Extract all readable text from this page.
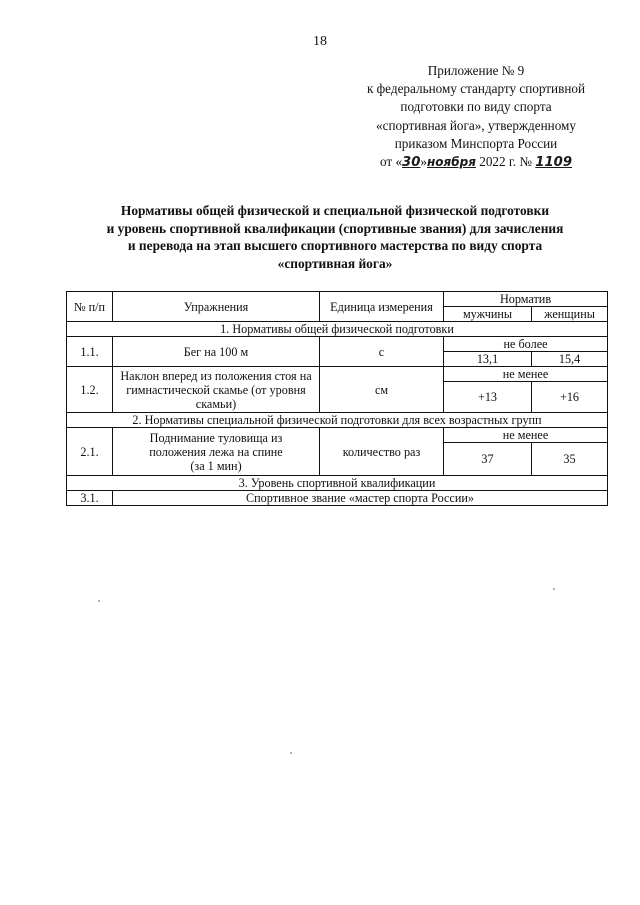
18
Приложение № 9
к федеральному стандарту спортивной
подготовки по виду спорта
«спортивная йога», утвержденному
приказом Минспорта России
от «30»ноября 2022 г. № 1109
Нормативы общей физической и специальной физической подготовки
и уровень спортивной квалификации (спортивные звания) для зачисления
и перевода на этап высшего спортивного мастерства по виду спорта
«спортивная йога»
№ п/п	Упражнения	Единица измерения	Норматив	
			мужчины	женщины
1. Нормативы общей физической подготовки				
1.1.	Бег на 100 м	с	не более	
			13,1	15,4
1.2.	Наклон вперед из положения стоя на гимнастической скамье (от уровня скамьи)	см	не менее	
			+13	+16
2. Нормативы специальной физической подготовки для всех возрастных групп				
2.1.	Поднимание туловища из
положения лежа на спине
(за 1 мин)	количество раз	не менее	
			37	35
3. Уровень спортивной квалификации				
3.1.	Спортивное звание «мастер спорта России»			
